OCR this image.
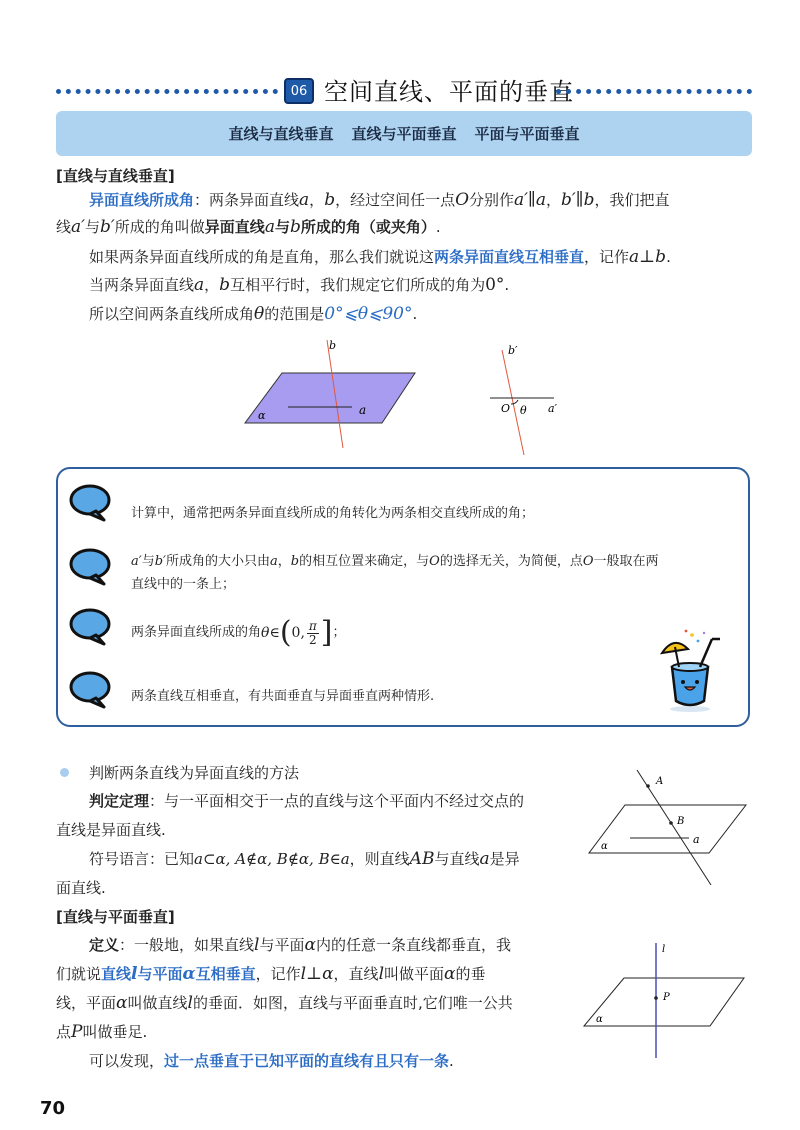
06 空间直线、平面的垂直
直线与直线垂直 直线与平面垂直 平面与平面垂直
[直线与直线垂直]
异面直线所成角：两条异面直线a，b，经过空间任一点O分别作a′∥a，b′∥b，我们把直
线a′与b′所成的角叫做异面直线a与b所成的角（或夹角）.
如果两条异面直线所成的角是直角，那么我们就说这两条异面直线互相垂直，记作a⊥b.
当两条异面直线a，b互相平行时，我们规定它们所成的角为0°.
所以空间两条直线所成角θ的范围是0°⩽θ⩽90°.
b
a
α
b′
O θ a′
计算中，通常把两条异面直线所成的角转化为两条相交直线所成的角；
a′与b′所成角的大小只由a，b的相互位置来确定，与O的选择无关，为简便，点O一般取在两
直线中的一条上；
两条异面直线所成的角 θ∈ ( 0, π
2 ] ；
两条直线互相垂直，有共面垂直与异面垂直两种情形.
判断两条直线为异面直线的方法
判定定理：与一平面相交于一点的直线与这个平面内不经过交点的
直线是异面直线.
符号语言：已知a⊂α, A∉α, B∉α, B∈a，则直线AB与直线a是异
面直线.
A
B
a
α
[直线与平面垂直]
定义：一般地，如果直线l与平面α内的任意一条直线都垂直，我
们就说直线l与平面α互相垂直，记作l⊥α，直线l叫做平面α的垂
线，平面α叫做直线l的垂面．如图，直线与平面垂直时,它们唯一公共
点P叫做垂足.
可以发现，过一点垂直于已知平面的直线有且只有一条.
l
P
α
70
